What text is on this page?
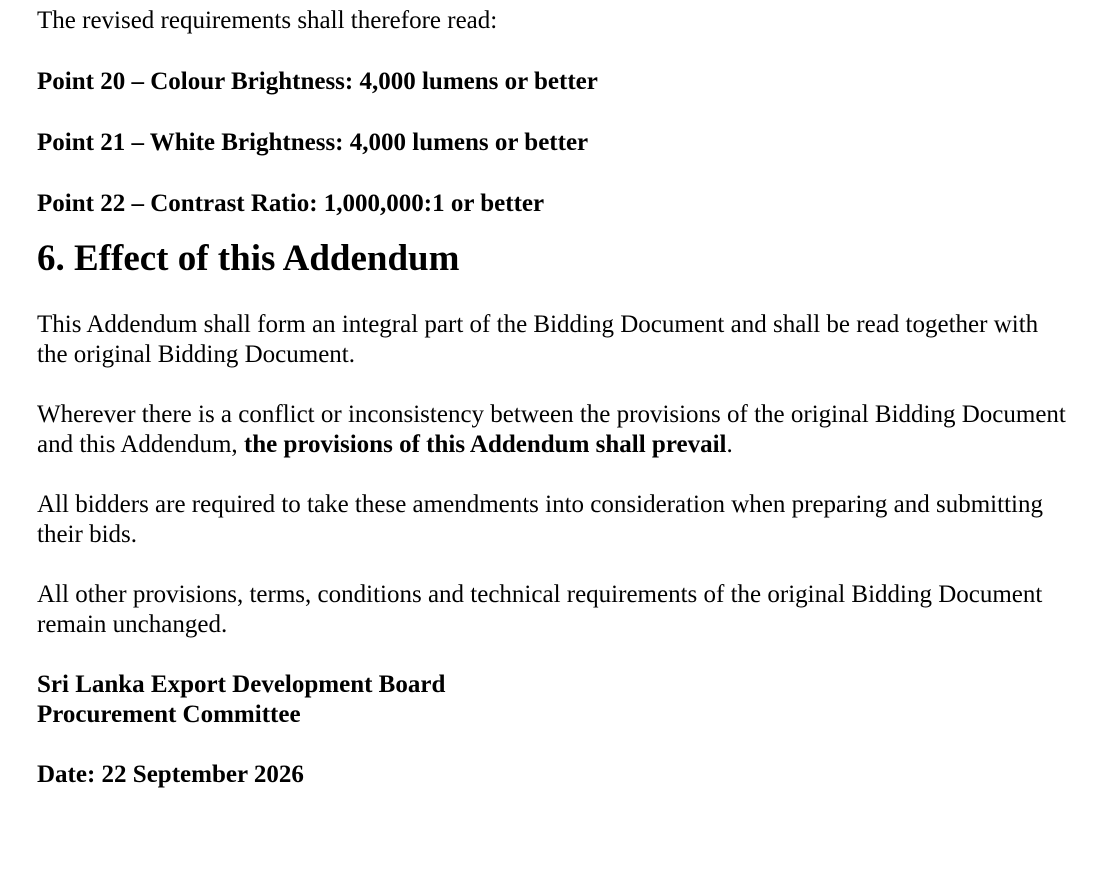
The revised requirements shall therefore read:

Point 20 – Colour Brightness: 4,000 lumens or better

Point 21 – White Brightness: 4,000 lumens or better

Point 22 – Contrast Ratio: 1,000,000:1 or better

6. Effect of this Addendum

This Addendum shall form an integral part of the Bidding Document and shall be read together with the original Bidding Document.

Wherever there is a conflict or inconsistency between the provisions of the original Bidding Document and this Addendum, the provisions of this Addendum shall prevail.

All bidders are required to take these amendments into consideration when preparing and submitting their bids.

All other provisions, terms, conditions and technical requirements of the original Bidding Document remain unchanged.

Sri Lanka Export Development Board

Procurement Committee

Date: 22 September 2026
